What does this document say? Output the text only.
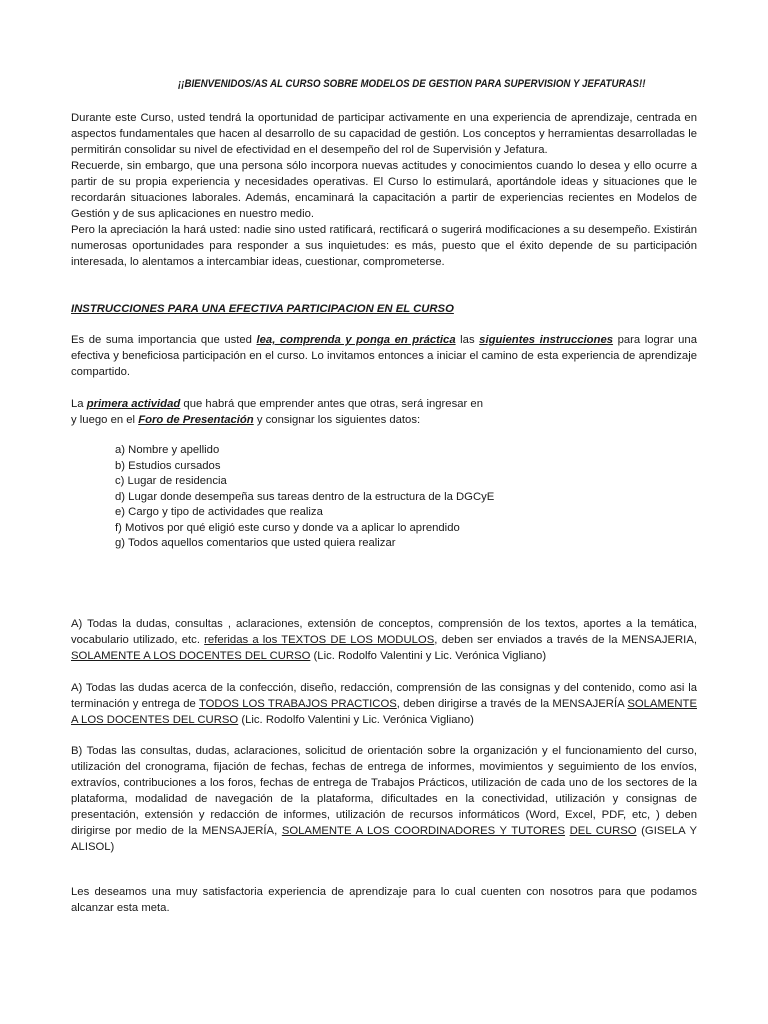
¡¡BIENVENIDOS/AS AL CURSO SOBRE MODELOS DE GESTION PARA SUPERVISION Y JEFATURAS!!

Durante este Curso, usted tendrá la oportunidad de participar activamente en una experiencia de aprendizaje, centrada en aspectos fundamentales que hacen al desarrollo de su capacidad de gestión. Los conceptos y herramientas desarrolladas le permitirán consolidar su nivel de efectividad en el desempeño del rol de Supervisión y Jefatura.

Recuerde, sin embargo, que una persona sólo incorpora nuevas actitudes y conocimientos cuando lo desea y ello ocurre a partir de su propia experiencia y necesidades operativas. El Curso lo estimulará, aportándole ideas y situaciones que le recordarán situaciones laborales. Además, encaminará la capacitación a partir de experiencias recientes en Modelos de Gestión y de sus aplicaciones en nuestro medio.

Pero la apreciación la hará usted: nadie sino usted ratificará, rectificará o sugerirá modificaciones a su desempeño. Existirán numerosas oportunidades para responder a sus inquietudes: es más, puesto que el éxito depende de su participación interesada, lo alentamos a intercambiar ideas, cuestionar, comprometerse.

INSTRUCCIONES PARA UNA EFECTIVA PARTICIPACION EN EL CURSO

Es de suma importancia que usted lea, comprenda y ponga en práctica las siguientes instrucciones para lograr una efectiva y beneficiosa participación en el curso. Lo invitamos entonces a iniciar el camino de esta experiencia de aprendizaje compartido.

La primera actividad que habrá que emprender antes que otras, será ingresar en
y luego en el Foro de Presentación y consignar los siguientes datos:

a) Nombre y apellido
b) Estudios cursados
c) Lugar de residencia
d) Lugar donde desempeña sus tareas dentro de la estructura de la DGCyE
e) Cargo y tipo de actividades que realiza
f) Motivos por qué eligió este curso y donde va a aplicar lo aprendido
g) Todos aquellos comentarios que usted quiera realizar

A) Todas la dudas, consultas , aclaraciones, extensión de conceptos, comprensión de los textos, aportes a la temática, vocabulario utilizado, etc. referidas a los TEXTOS DE LOS MODULOS, deben ser enviados a través de la MENSAJERIA, SOLAMENTE A LOS DOCENTES DEL CURSO (Lic. Rodolfo Valentini y Lic. Verónica Vigliano)

A) Todas las dudas acerca de la confección, diseño, redacción, comprensión de las consignas y del contenido, como asi la terminación y entrega de TODOS LOS TRABAJOS PRACTICOS, deben dirigirse a través de la MENSAJERÍA SOLAMENTE A LOS DOCENTES DEL CURSO (Lic. Rodolfo Valentini y Lic. Verónica Vigliano)

B) Todas las consultas, dudas, aclaraciones, solicitud de orientación sobre la organización y el funcionamiento del curso, utilización del cronograma, fijación de fechas, fechas de entrega de informes, movimientos y seguimiento de los envíos, extravíos, contribuciones a los foros, fechas de entrega de Trabajos Prácticos, utilización de cada uno de los sectores de la plataforma, modalidad de navegación de la plataforma, dificultades en la conectividad, utilización y consignas de presentación, extensión y redacción de informes, utilización de recursos informáticos (Word, Excel, PDF, etc, ) deben dirigirse por medio de la MENSAJERÍA, SOLAMENTE A LOS COORDINADORES Y TUTORES DEL CURSO (GISELA Y ALISOL)

Les deseamos una muy satisfactoria experiencia de aprendizaje para lo cual cuenten con nosotros para que podamos alcanzar esta meta.
